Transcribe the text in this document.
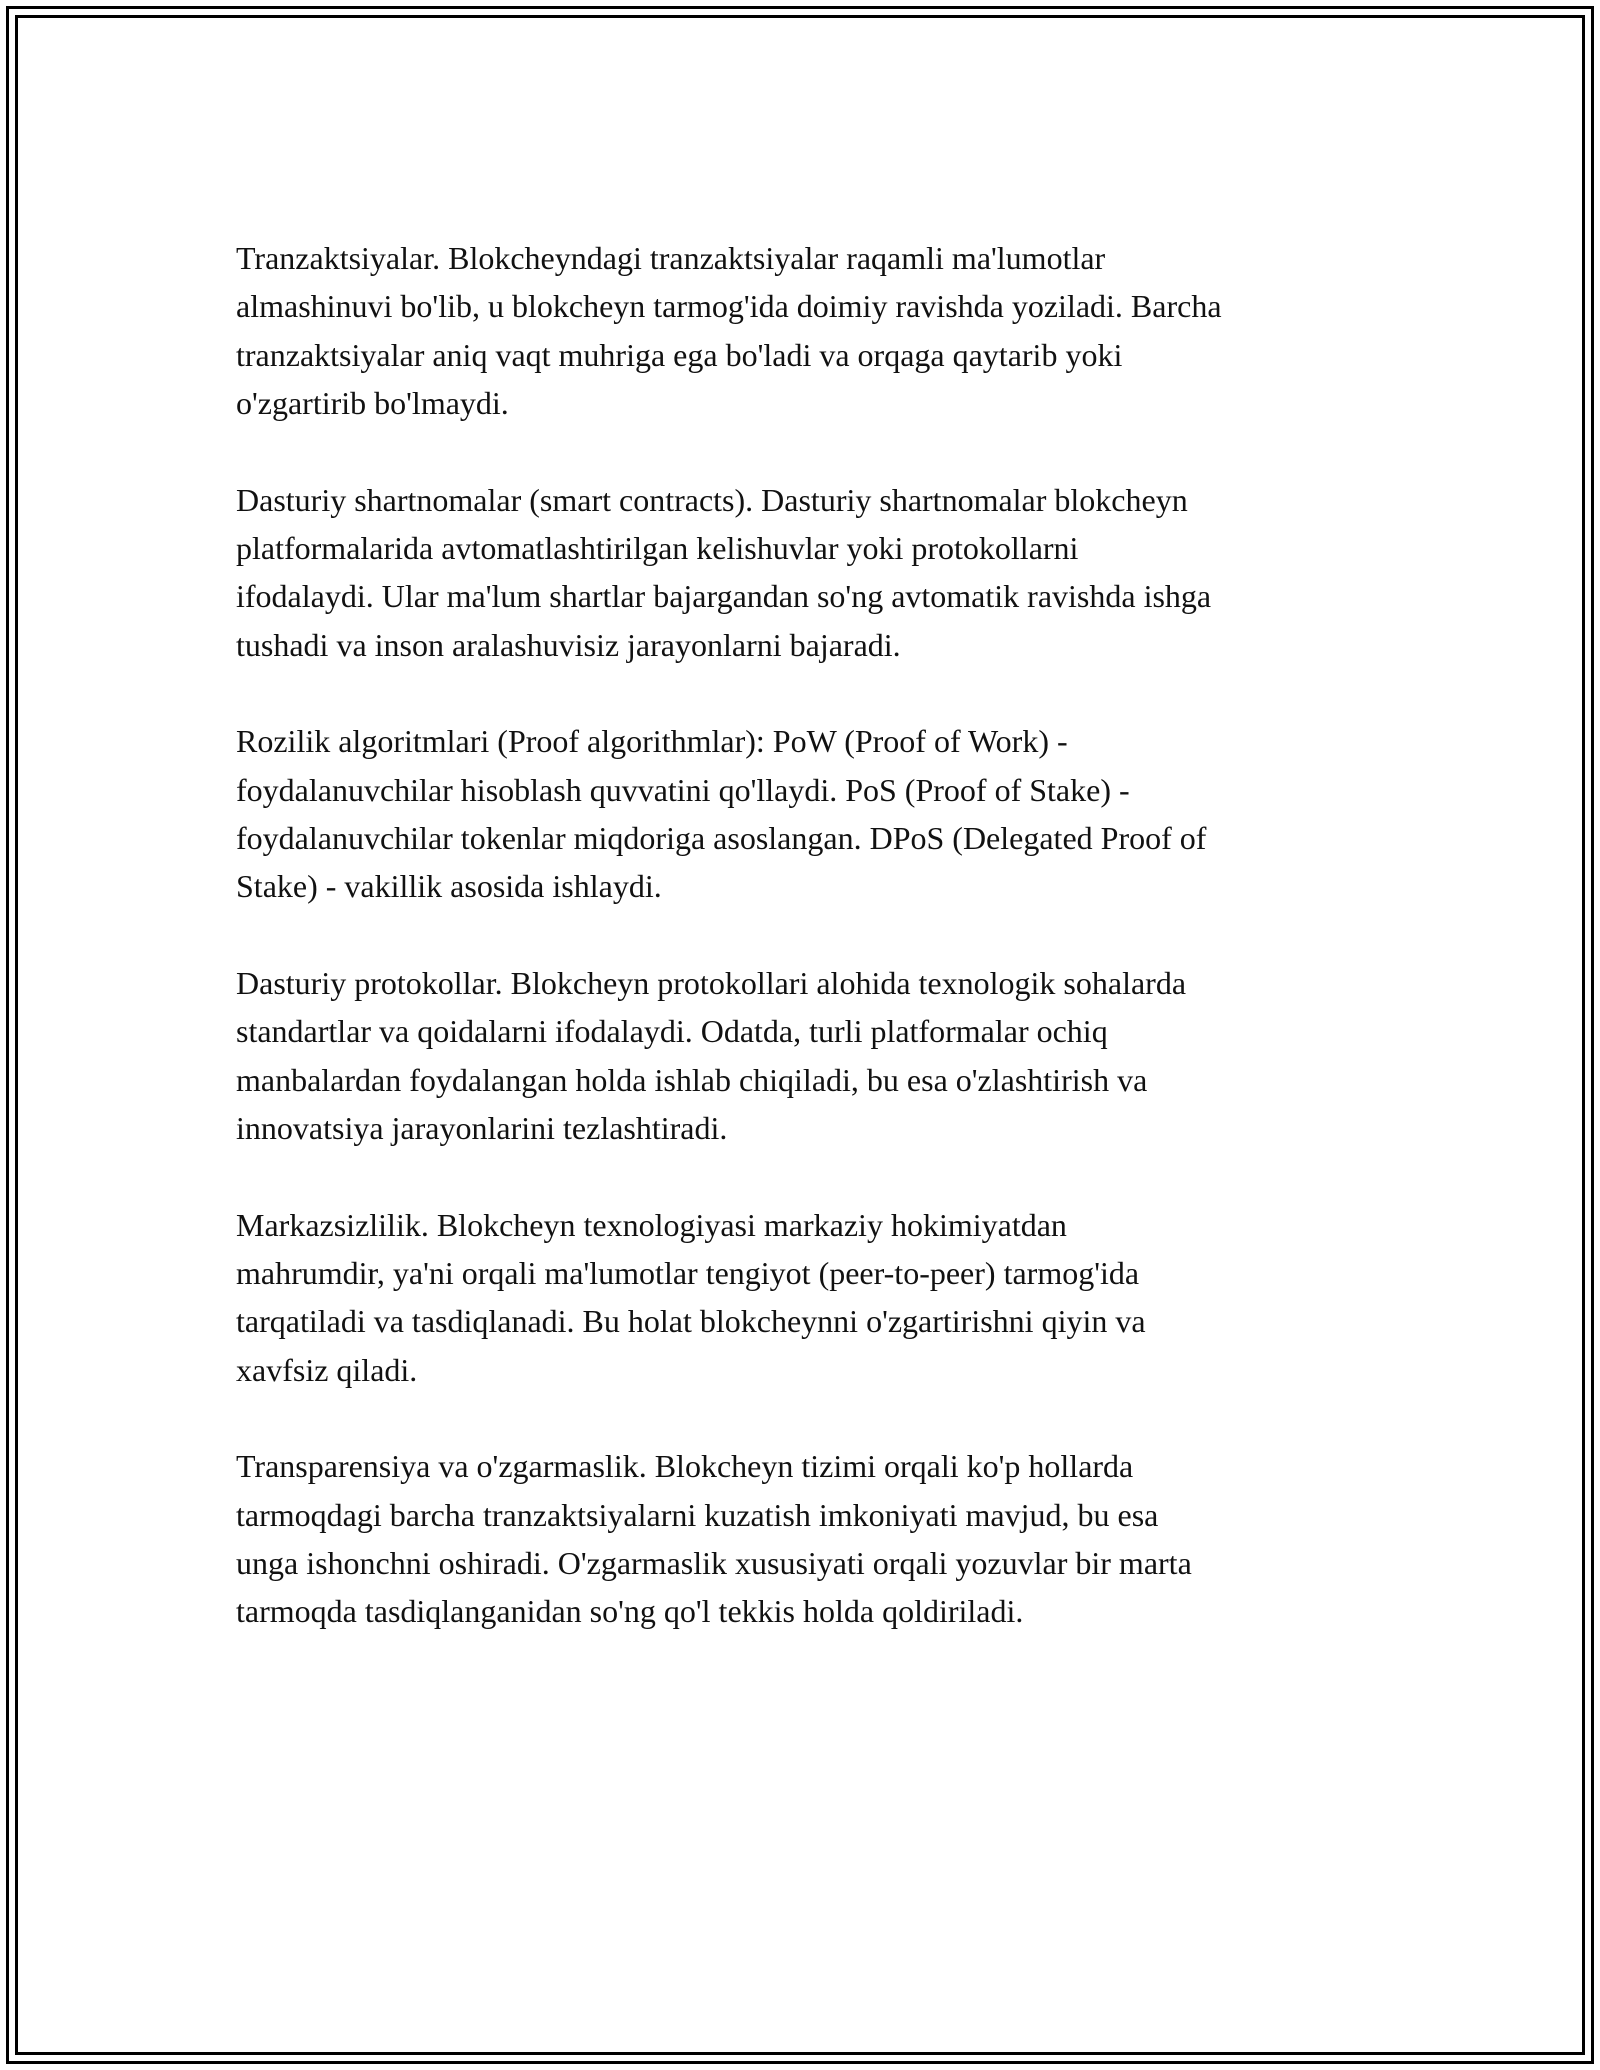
Tranzaktsiyalar. Blokcheyndagi tranzaktsiyalar raqamli ma'lumotlar
almashinuvi bo'lib, u blokcheyn tarmog'ida doimiy ravishda yoziladi. Barcha
tranzaktsiyalar aniq vaqt muhriga ega bo'ladi va orqaga qaytarib yoki
o'zgartirib bo'lmaydi.

Dasturiy shartnomalar (smart contracts). Dasturiy shartnomalar blokcheyn
platformalarida avtomatlashtirilgan kelishuvlar yoki protokollarni
ifodalaydi. Ular ma'lum shartlar bajargandan so'ng avtomatik ravishda ishga
tushadi va inson aralashuvisiz jarayonlarni bajaradi.

Rozilik algoritmlari (Proof algorithmlar): PoW (Proof of Work) -
foydalanuvchilar hisoblash quvvatini qo'llaydi. PoS (Proof of Stake) -
foydalanuvchilar tokenlar miqdoriga asoslangan. DPoS (Delegated Proof of
Stake) - vakillik asosida ishlaydi.

Dasturiy protokollar. Blokcheyn protokollari alohida texnologik sohalarda
standartlar va qoidalarni ifodalaydi. Odatda, turli platformalar ochiq
manbalardan foydalangan holda ishlab chiqiladi, bu esa o'zlashtirish va
innovatsiya jarayonlarini tezlashtiradi.

Markazsizlilik. Blokcheyn texnologiyasi markaziy hokimiyatdan
mahrumdir, ya'ni orqali ma'lumotlar tengiyot (peer-to-peer) tarmog'ida
tarqatiladi va tasdiqlanadi. Bu holat blokcheynni o'zgartirishni qiyin va
xavfsiz qiladi.

Transparensiya va o'zgarmaslik. Blokcheyn tizimi orqali ko'p hollarda
tarmoqdagi barcha tranzaktsiyalarni kuzatish imkoniyati mavjud, bu esa
unga ishonchni oshiradi. O'zgarmaslik xususiyati orqali yozuvlar bir marta
tarmoqda tasdiqlanganidan so'ng qo'l tekkis holda qoldiriladi.
